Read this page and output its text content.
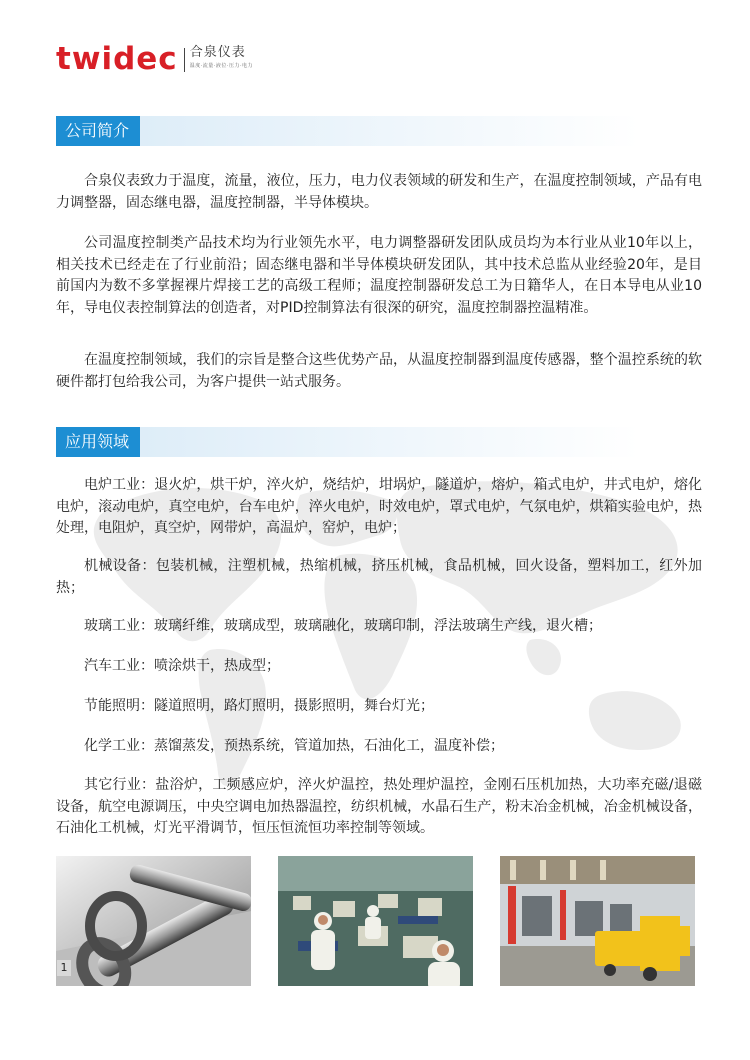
twidec 合泉仪表
温度·流量·液位·压力·电力
公司简介

合泉仪表致力于温度，流量，液位，压力，电力仪表领域的研发和生产，在温度控制领域，产品有电力调整器，固态继电器，温度控制器，半导体模块。

公司温度控制类产品技术均为行业领先水平，电力调整器研发团队成员均为本行业从业10年以上，相关技术已经走在了行业前沿；固态继电器和半导体模块研发团队，其中技术总监从业经验20年，是目前国内为数不多掌握裸片焊接工艺的高级工程师；温度控制器研发总工为日籍华人，在日本导电从业10年，导电仪表控制算法的创造者，对PID控制算法有很深的研究，温度控制器控温精准。

在温度控制领域，我们的宗旨是整合这些优势产品，从温度控制器到温度传感器，整个温控系统的软硬件都打包给我公司，为客户提供一站式服务。

应用领域

电炉工业：退火炉，烘干炉，淬火炉，烧结炉，坩埚炉，隧道炉，熔炉，箱式电炉，井式电炉，熔化电炉，滚动电炉，真空电炉，台车电炉，淬火电炉，时效电炉，罩式电炉，气氛电炉，烘箱实验电炉，热处理，电阻炉，真空炉，网带炉，高温炉，窑炉，电炉；

机械设备：包装机械，注塑机械，热缩机械，挤压机械，食品机械，回火设备，塑料加工，红外加热；

玻璃工业：玻璃纤维，玻璃成型，玻璃融化，玻璃印制，浮法玻璃生产线，退火槽；

汽车工业：喷涂烘干，热成型；

节能照明：隧道照明，路灯照明，摄影照明，舞台灯光；

化学工业：蒸馏蒸发，预热系统，管道加热，石油化工，温度补偿；

其它行业：盐浴炉，工频感应炉，淬火炉温控，热处理炉温控，金刚石压机加热，大功率充磁/退磁设备，航空电源调压，中央空调电加热器温控，纺织机械，水晶石生产，粉末冶金机械，冶金机械设备，石油化工机械，灯光平滑调节，恒压恒流恒功率控制等领域。

1
